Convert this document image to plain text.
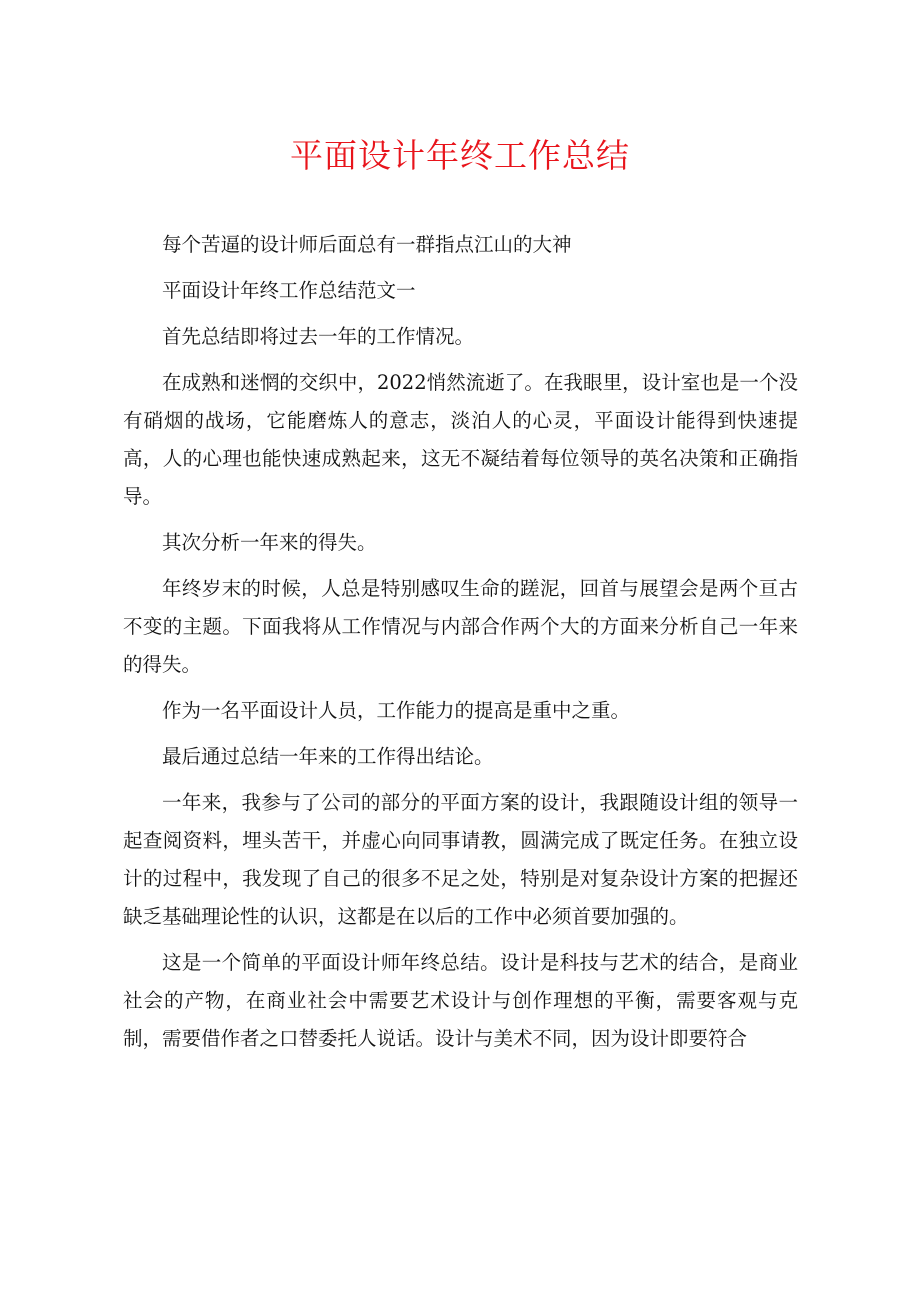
平面设计年终工作总结

每个苦逼的设计师后面总有一群指点江山的大神

平面设计年终工作总结范文一

首先总结即将过去一年的工作情况。

在成熟和迷惘的交织中，2022悄然流逝了。在我眼里，设计室也是一个没有硝烟的战场，它能磨炼人的意志，淡泊人的心灵，平面设计能得到快速提高，人的心理也能快速成熟起来，这无不凝结着每位领导的英名决策和正确指导。

其次分析一年来的得失。

年终岁末的时候，人总是特别感叹生命的蹉泥，回首与展望会是两个亘古不变的主题。下面我将从工作情况与内部合作两个大的方面来分析自己一年来的得失。

作为一名平面设计人员，工作能力的提高是重中之重。

最后通过总结一年来的工作得出结论。

一年来，我参与了公司的部分的平面方案的设计，我跟随设计组的领导一起查阅资料，埋头苦干，并虚心向同事请教，圆满完成了既定任务。在独立设计的过程中，我发现了自己的很多不足之处，特别是对复杂设计方案的把握还缺乏基础理论性的认识，这都是在以后的工作中必须首要加强的。

这是一个简单的平面设计师年终总结。设计是科技与艺术的结合，是商业社会的产物，在商业社会中需要艺术设计与创作理想的平衡，需要客观与克制，需要借作者之口替委托人说话。设计与美术不同，因为设计即要符合
